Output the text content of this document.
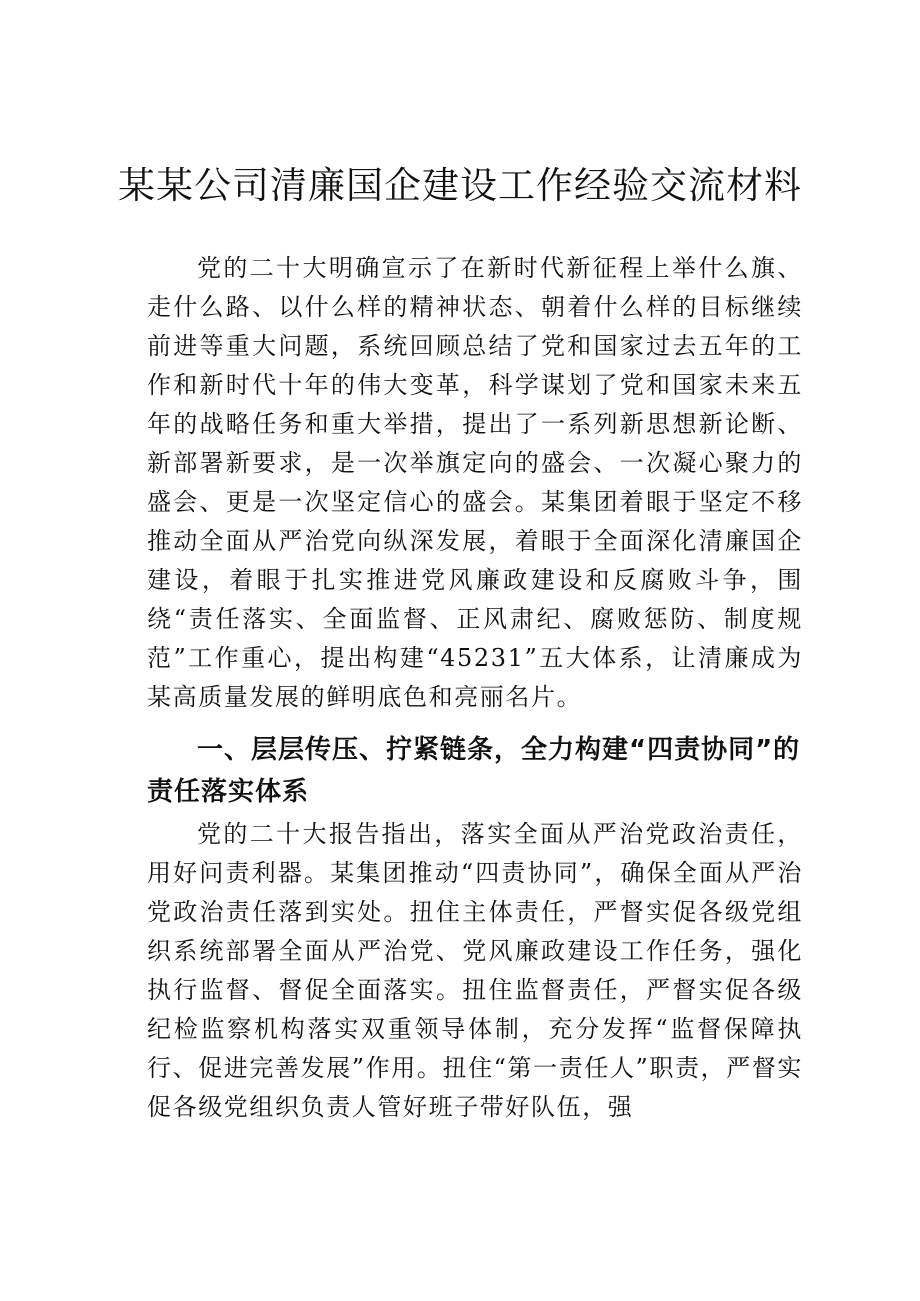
某某公司清廉国企建设工作经验交流材料

党的二十大明确宣示了在新时代新征程上举什么旗、走什么路、以什么样的精神状态、朝着什么样的目标继续前进等重大问题，系统回顾总结了党和国家过去五年的工作和新时代十年的伟大变革，科学谋划了党和国家未来五年的战略任务和重大举措，提出了一系列新思想新论断、新部署新要求，是一次举旗定向的盛会、一次凝心聚力的盛会、更是一次坚定信心的盛会。某集团着眼于坚定不移推动全面从严治党向纵深发展，着眼于全面深化清廉国企建设，着眼于扎实推进党风廉政建设和反腐败斗争，围绕“责任落实、全面监督、正风肃纪、腐败惩防、制度规范”工作重心，提出构建“45231”五大体系，让清廉成为某高质量发展的鲜明底色和亮丽名片。

一、层层传压、拧紧链条，全力构建“四责协同”的责任落实体系

党的二十大报告指出，落实全面从严治党政治责任，用好问责利器。某集团推动“四责协同”，确保全面从严治党政治责任落到实处。扭住主体责任，严督实促各级党组织系统部署全面从严治党、党风廉政建设工作任务，强化执行监督、督促全面落实。扭住监督责任，严督实促各级纪检监察机构落实双重领导体制，充分发挥“监督保障执行、促进完善发展”作用。扭住“第一责任人”职责，严督实促各级党组织负责人管好班子带好队伍，强
